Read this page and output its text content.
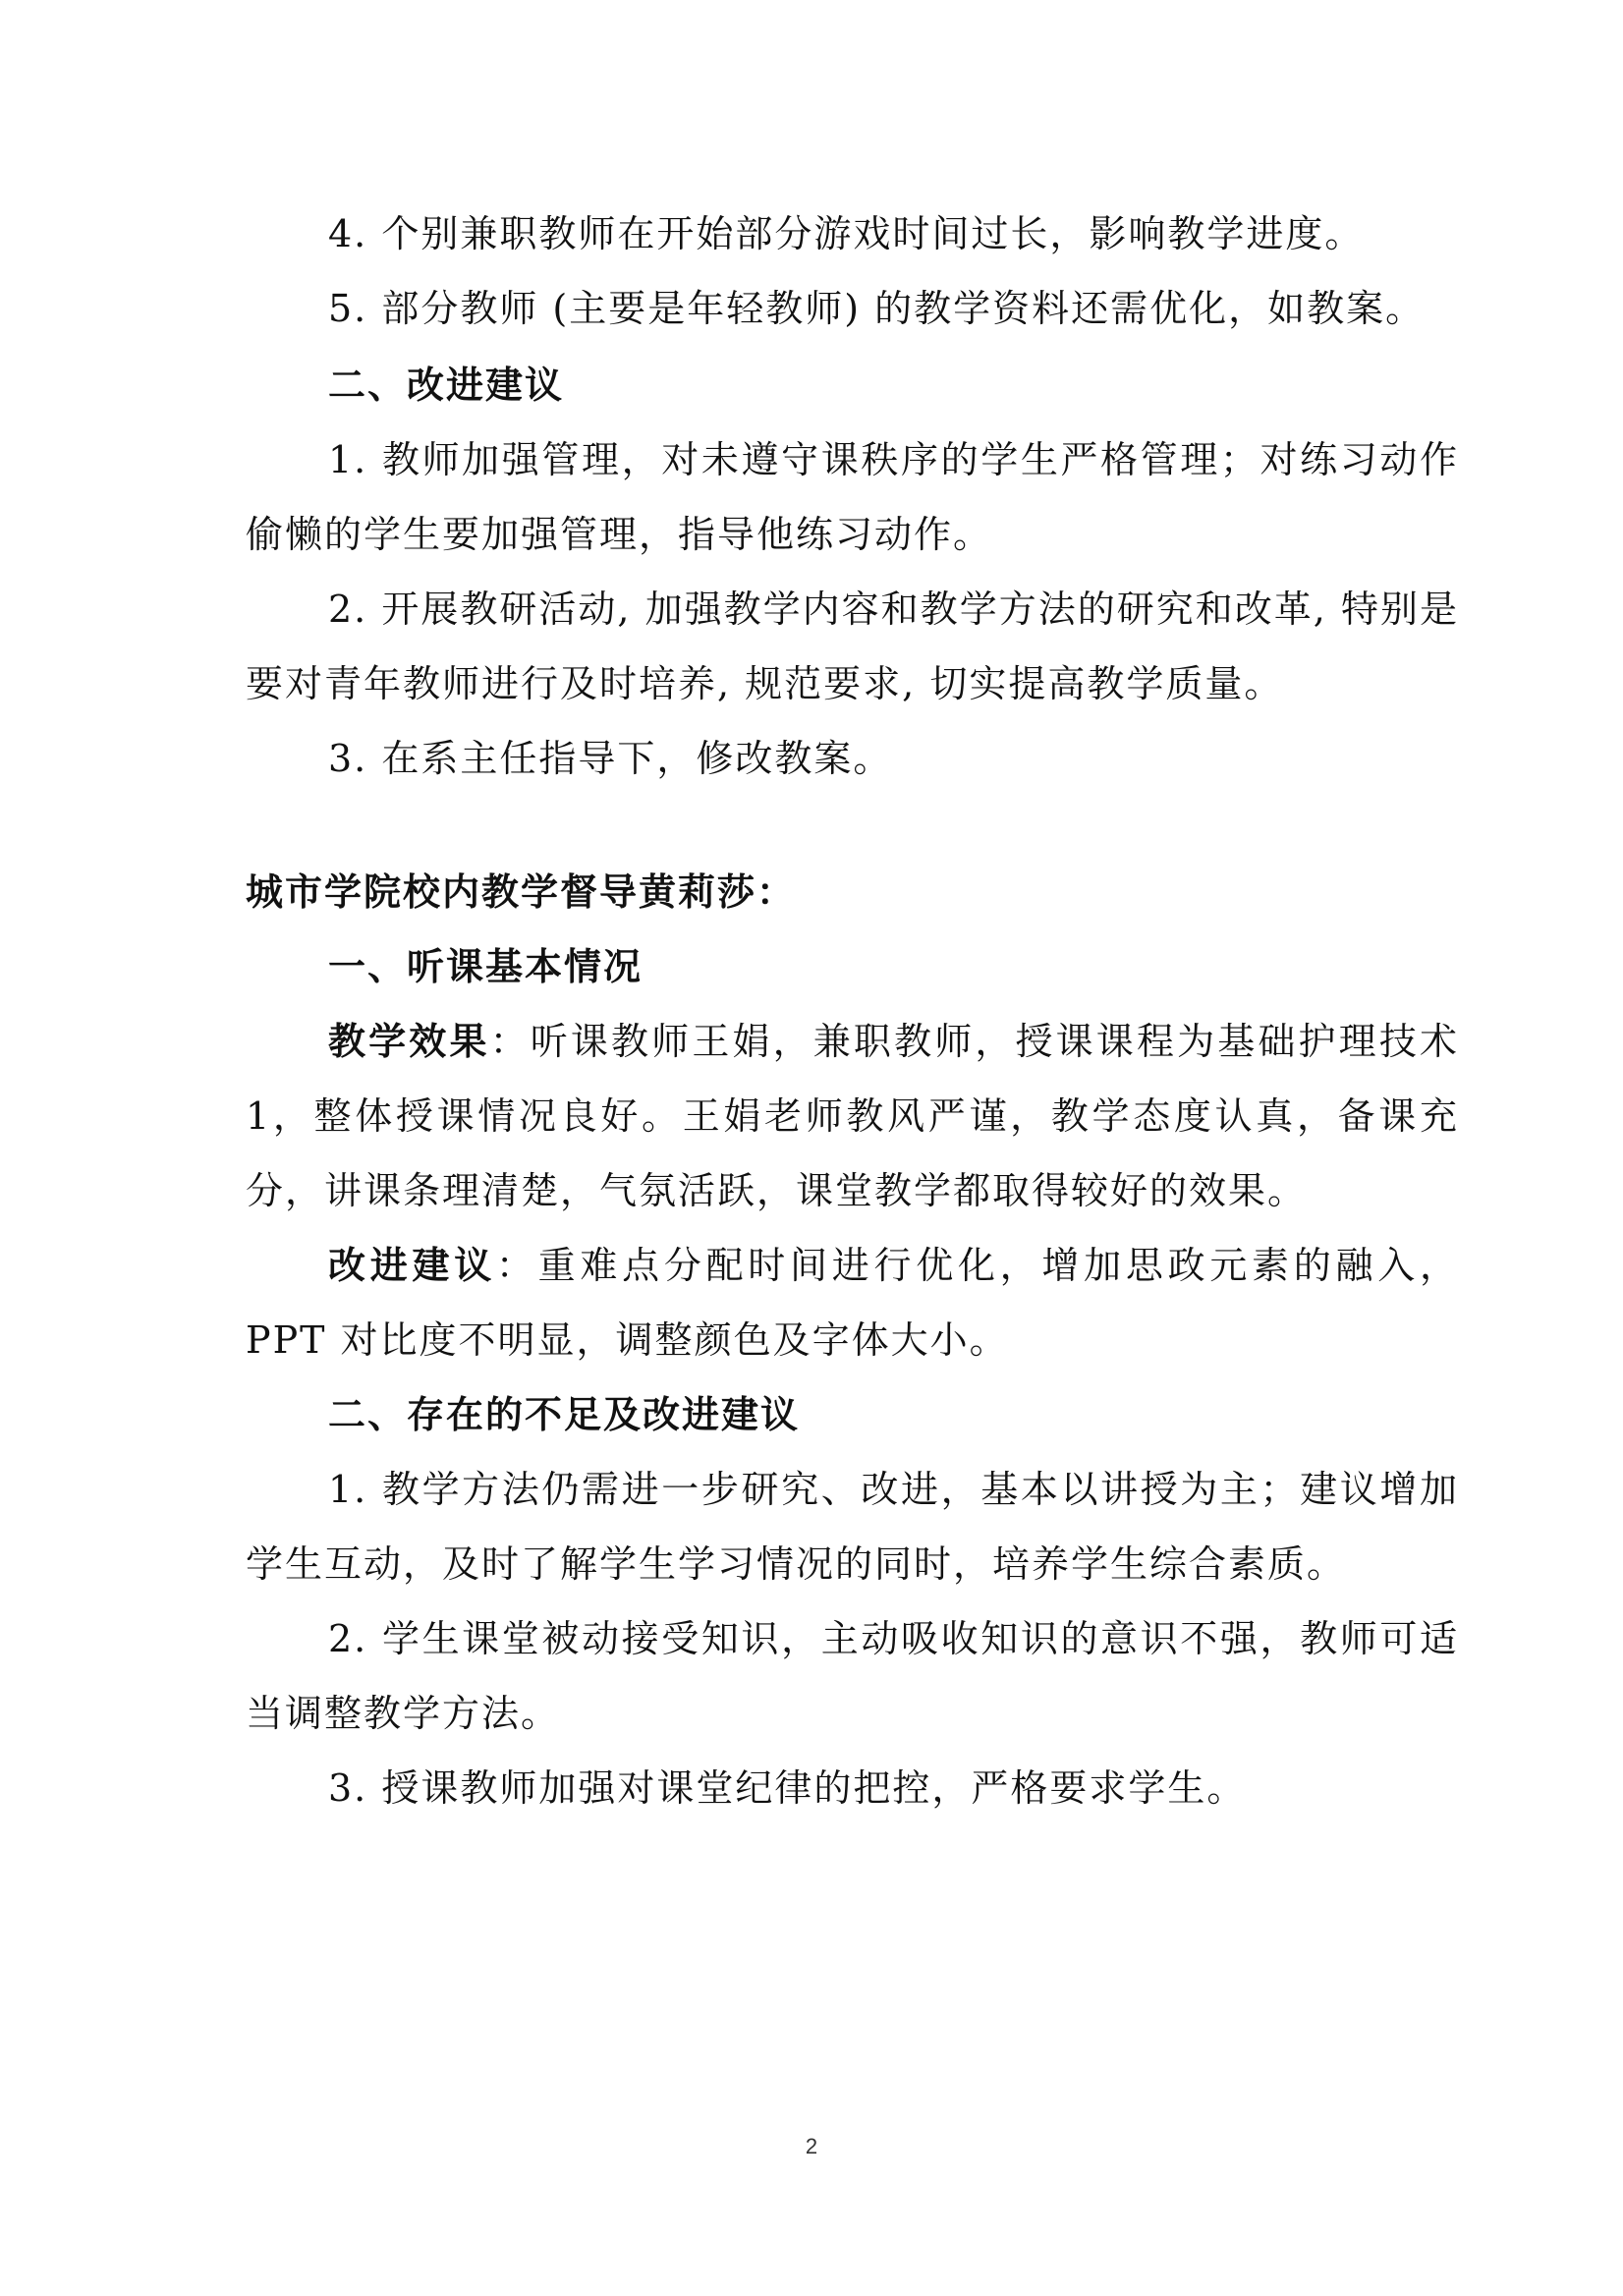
4. 个别兼职教师在开始部分游戏时间过长，影响教学进度。

5. 部分教师 (主要是年轻教师) 的教学资料还需优化，如教案。

二、改进建议

1. 教师加强管理，对未遵守课秩序的学生严格管理；对练习动作偷懒的学生要加强管理，指导他练习动作。

2. 开展教研活动, 加强教学内容和教学方法的研究和改革, 特别是要对青年教师进行及时培养, 规范要求, 切实提高教学质量。

3. 在系主任指导下，修改教案。

城市学院校内教学督导黄莉莎：

一、听课基本情况

教学效果：听课教师王娟，兼职教师，授课课程为基础护理技术 1，整体授课情况良好。王娟老师教风严谨，教学态度认真，备课充分，讲课条理清楚，气氛活跃，课堂教学都取得较好的效果。

改进建议：重难点分配时间进行优化，增加思政元素的融入，PPT 对比度不明显，调整颜色及字体大小。

二、存在的不足及改进建议

1. 教学方法仍需进一步研究、改进，基本以讲授为主；建议增加学生互动，及时了解学生学习情况的同时，培养学生综合素质。

2. 学生课堂被动接受知识，主动吸收知识的意识不强，教师可适当调整教学方法。

3. 授课教师加强对课堂纪律的把控，严格要求学生。

2
